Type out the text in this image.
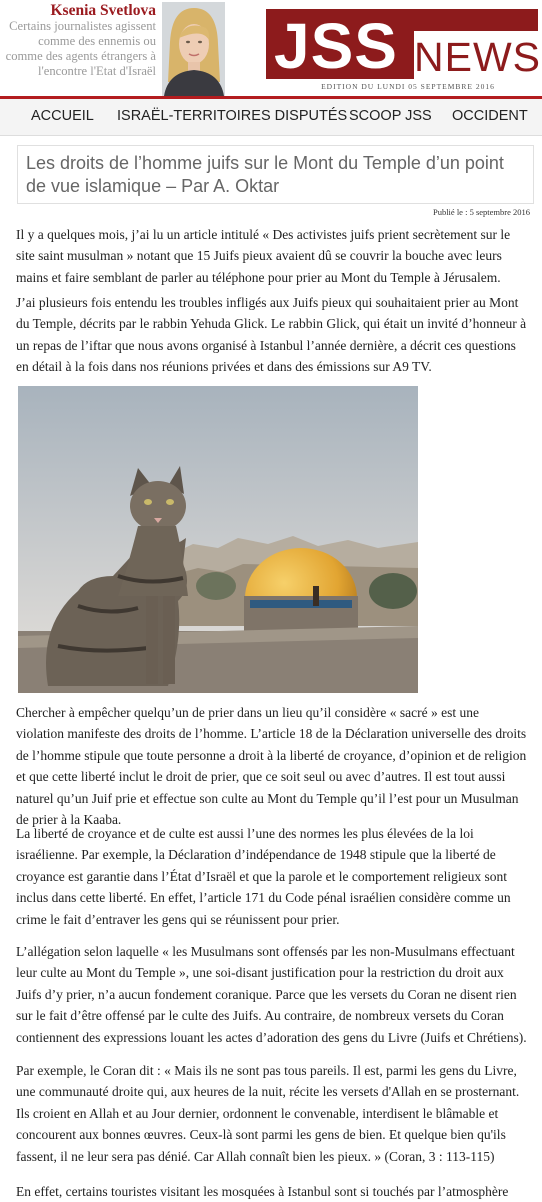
Ksenia Svetlova
Certains journalistes agissent comme des ennemis ou comme des agents étrangers à l'encontre l'Etat d'Israël JSS NEWS
EDITION DU LUNDI 05 SEPTEMBRE 2016
ACCUEIL ISRAËL-TERRITOIRES DISPUTÉS SCOOP JSS OCCIDENT
Les droits de l’homme juifs sur le Mont du Temple d’un point de vue islamique – Par A. Oktar
Publié le : 5 septembre 2016

Il y a quelques mois, j’ai lu un article intitulé « Des activistes juifs prient secrètement sur le site saint musulman » notant que 15 Juifs pieux avaient dû se couvrir la bouche avec leurs mains et faire semblant de parler au téléphone pour prier au Mont du Temple à Jérusalem.

J’ai plusieurs fois entendu les troubles infligés aux Juifs pieux qui souhaitaient prier au Mont du Temple, décrits par le rabbin Yehuda Glick. Le rabbin Glick, qui était un invité d’honneur à un repas de l’iftar que nous avons organisé à Istanbul l’année dernière, a décrit ces questions en détail à la fois dans nos réunions privées et dans des émissions sur A9 TV.

Chercher à empêcher quelqu’un de prier dans un lieu qu’il considère « sacré » est une violation manifeste des droits de l’homme. L’article 18 de la Déclaration universelle des droits de l’homme stipule que toute personne a droit à la liberté de croyance, d’opinion et de religion et que cette liberté inclut le droit de prier, que ce soit seul ou avec d’autres. Il est tout aussi naturel qu’un Juif prie et effectue son culte au Mont du Temple qu’il l’est pour un Musulman de prier à la Kaaba.

La liberté de croyance et de culte est aussi l’une des normes les plus élevées de la loi israélienne. Par exemple, la Déclaration d’indépendance de 1948 stipule que la liberté de croyance est garantie dans l’État d’Israël et que la parole et le comportement religieux sont inclus dans cette liberté. En effet, l’article 171 du Code pénal israélien considère comme un crime le fait d’entraver les gens qui se réunissent pour prier.

L’allégation selon laquelle « les Musulmans sont offensés par les non-Musulmans effectuant leur culte au Mont du Temple », une soi-disant justification pour la restriction du droit aux Juifs d’y prier, n’a aucun fondement coranique. Parce que les versets du Coran ne disent rien sur le fait d’être offensé par le culte des Juifs. Au contraire, de nombreux versets du Coran contiennent des expressions louant les actes d’adoration des gens du Livre (Juifs et Chrétiens).

Par exemple, le Coran dit : « Mais ils ne sont pas tous pareils. Il est, parmi les gens du Livre, une communauté droite qui, aux heures de la nuit, récite les versets d'Allah en se prosternant. Ils croient en Allah et au Jour dernier, ordonnent le convenable, interdisent le blâmable et concourent aux bonnes œuvres. Ceux-là sont parmi les gens de bien. Et quelque bien qu'ils fassent, il ne leur sera pas dénié. Car Allah connaît bien les pieux. » (Coran, 3 : 113-115)

En effet, certains touristes visitant les mosquées à Istanbul sont si touchés par l’atmosphère
